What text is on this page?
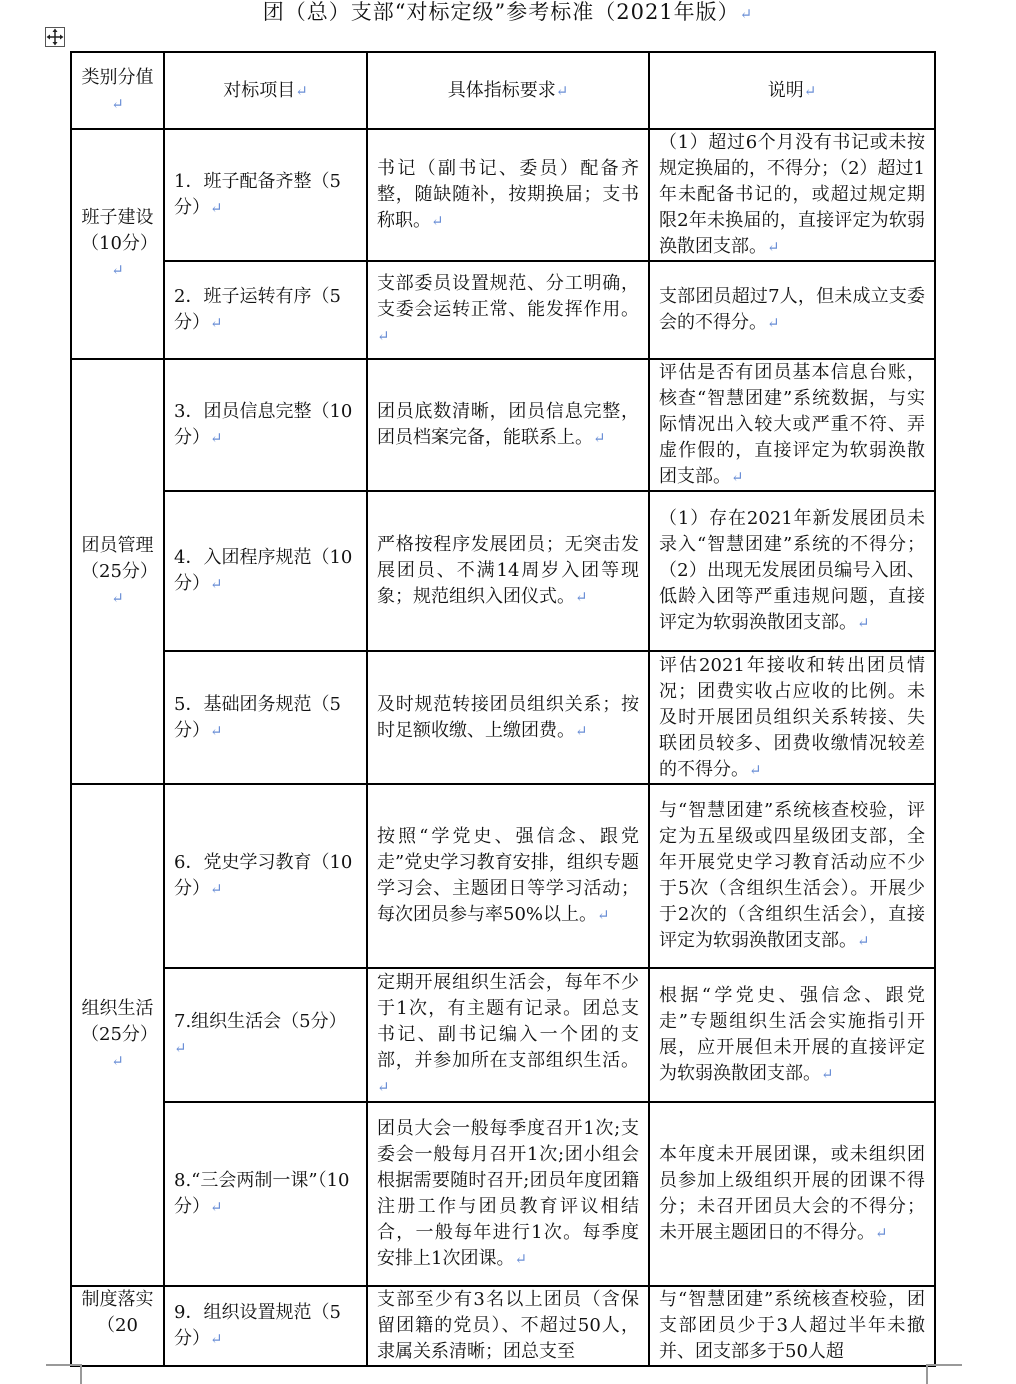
团（总）支部“对标定级”参考标准（2021年版）↵
类别分值↵	对标项目↵	具体指标要求↵	说明↵
班子建设（10分）↵	1．班子配备齐整（5分）↵	书记（副书记、委员）配备齐整，随缺随补，按期换届；支书称职。↵	（1）超过6个月没有书记或未按规定换届的，不得分；（2）超过1年未配备书记的，或超过规定期限2年未换届的，直接评定为软弱涣散团支部。↵
	2．班子运转有序（5分）↵	支部委员设置规范、分工明确，支委会运转正常、能发挥作用。↵	支部团员超过7人，但未成立支委会的不得分。↵
团员管理（25分）↵	3．团员信息完整（10分）↵	团员底数清晰，团员信息完整，团员档案完备，能联系上。↵	评估是否有团员基本信息台账，核查“智慧团建”系统数据，与实际情况出入较大或严重不符、弄虚作假的，直接评定为软弱涣散团支部。↵
	4．入团程序规范（10分）↵	严格按程序发展团员；无突击发展团员、不满14周岁入团等现象；规范组织入团仪式。↵	（1）存在2021年新发展团员未录入“智慧团建”系统的不得分；（2）出现无发展团员编号入团、低龄入团等严重违规问题，直接评定为软弱涣散团支部。↵
	5．基础团务规范（5分）↵	及时规范转接团员组织关系；按时足额收缴、上缴团费。↵	评估2021年接收和转出团员情况；团费实收占应收的比例。未及时开展团员组织关系转接、失联团员较多、团费收缴情况较差的不得分。↵
组织生活（25分）↵	6．党史学习教育（10分）↵	按照“学党史、强信念、跟党走”党史学习教育安排，组织专题学习会、主题团日等学习活动；每次团员参与率50%以上。↵	与“智慧团建”系统核查校验，评定为五星级或四星级团支部，全年开展党史学习教育活动应不少于5次（含组织生活会）。开展少于2次的（含组织生活会），直接评定为软弱涣散团支部。↵
	7.组织生活会（5分）↵	定期开展组织生活会，每年不少于1次，有主题有记录。团总支书记、副书记编入一个团的支部，并参加所在支部组织生活。↵	根据“学党史、强信念、跟党走”专题组织生活会实施指引开展，应开展但未开展的直接评定为软弱涣散团支部。↵
	8.“三会两制一课”（10分）↵	团员大会一般每季度召开1次;支委会一般每月召开1次;团小组会根据需要随时召开;团员年度团籍注册工作与团员教育评议相结合，一般每年进行1次。每季度安排上1次团课。↵	本年度未开展团课，或未组织团员参加上级组织开展的团课不得分；未召开团员大会的不得分；未开展主题团日的不得分。↵
制度落实（20	9．组织设置规范（5分）↵	支部至少有3名以上团员（含保留团籍的党员）、不超过50人，隶属关系清晰；团总支至	与“智慧团建”系统核查校验，团支部团员少于3人超过半年未撤并、团支部多于50人超
